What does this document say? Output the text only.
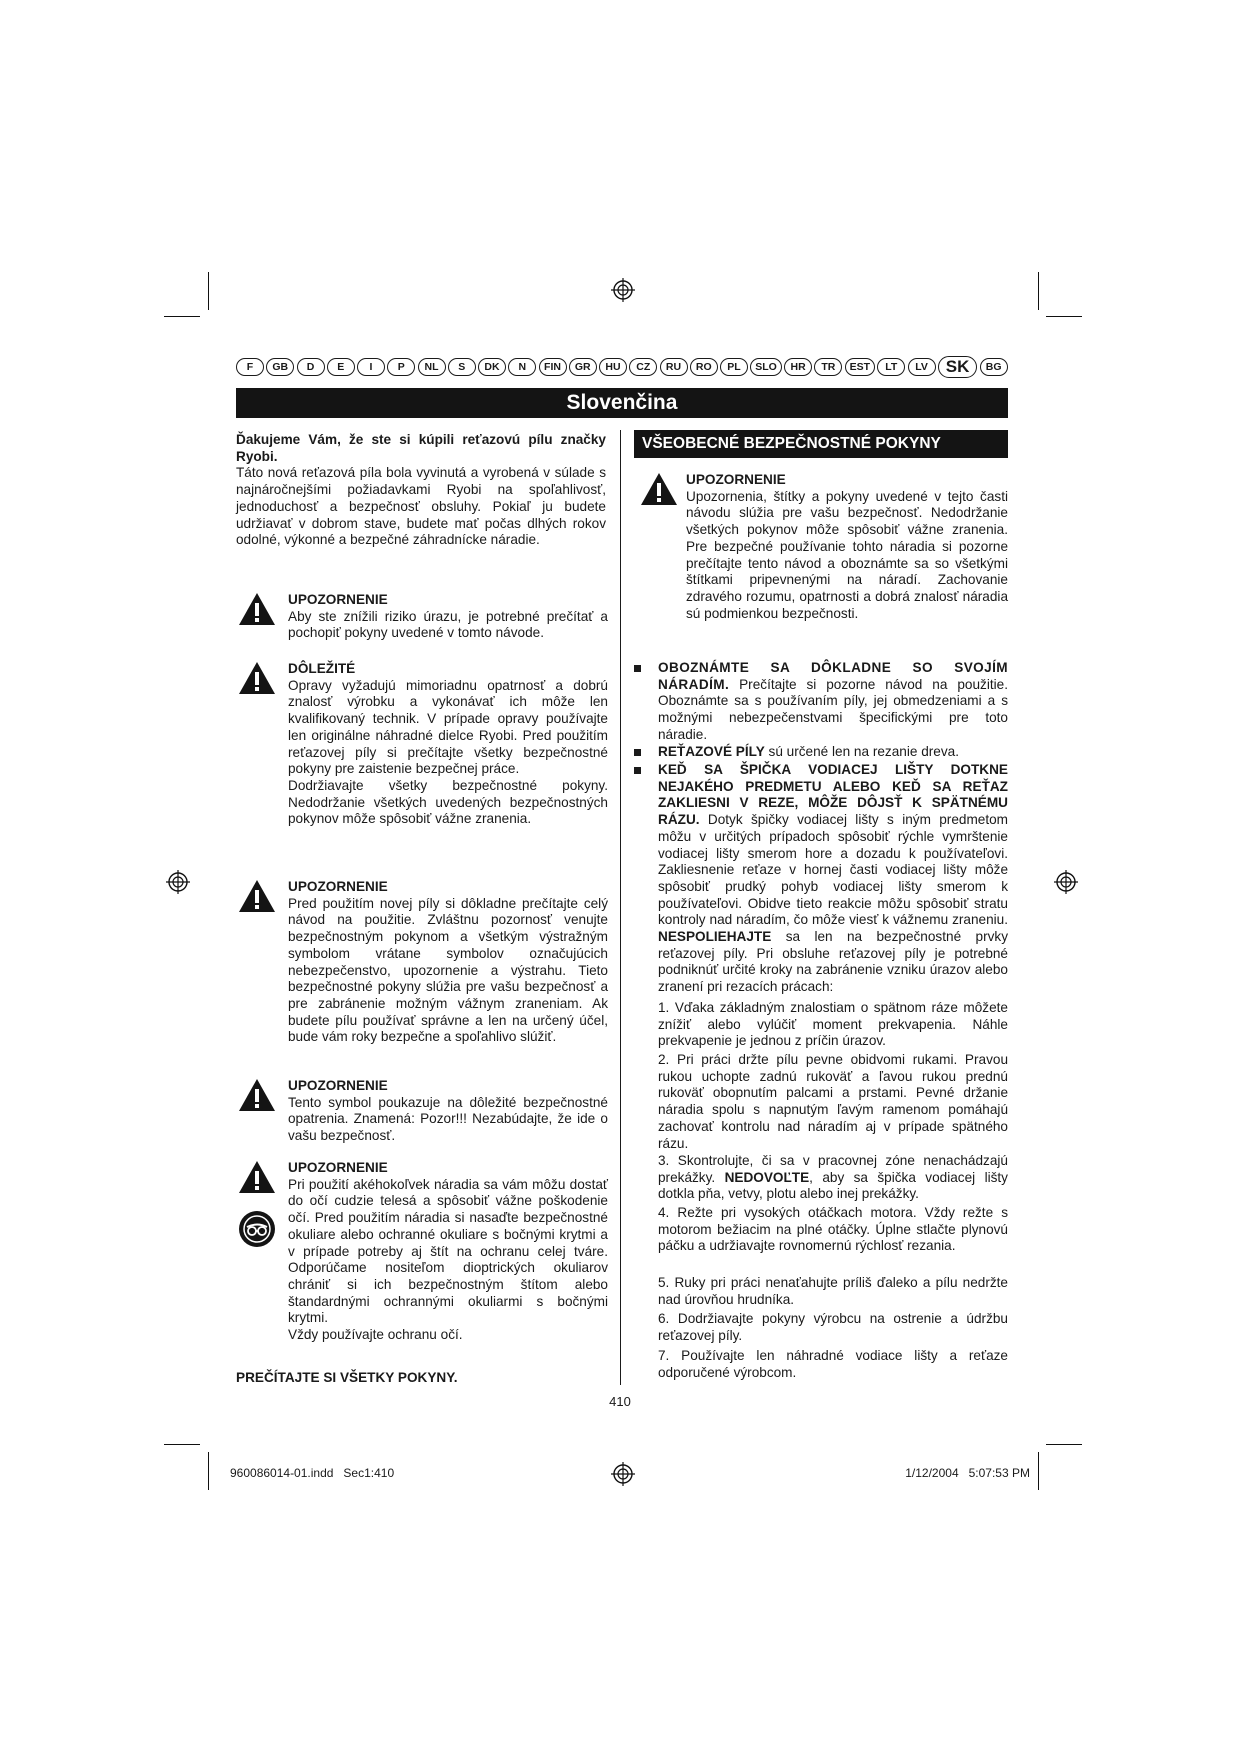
F	GB	D	E	I	P	NL	S	DK	N	FIN	GR	HU	CZ	RU	RO	PL	SLO	HR	TR	EST	LT	LV	SK	BG
Slovenčina

Ďakujeme Vám, že ste si kúpili reťazovú pílu značky Ryobi.

Táto nová reťazová píla bola vyvinutá a vyrobená v súlade s najnáročnejšími požiadavkami Ryobi na spoľahlivosť, jednoduchosť a bezpečnosť obsluhy. Pokiaľ ju budete udržiavať v dobrom stave, budete mať počas dlhých rokov odolné, výkonné a bezpečné záhradnícke náradie.

UPOZORNENIE

Aby ste znížili riziko úrazu, je potrebné prečítať a pochopiť pokyny uvedené v tomto návode.

DÔLEŽITÉ

Opravy vyžadujú mimoriadnu opatrnosť a dobrú znalosť výrobku a vykonávať ich môže len kvalifikovaný technik. V prípade opravy používajte len originálne náhradné dielce Ryobi. Pred použitím reťazovej píly si prečítajte všetky bezpečnostné pokyny pre zaistenie bezpečnej práce.

Dodržiavajte všetky bezpečnostné pokyny. Nedodržanie všetkých uvedených bezpečnostných pokynov môže spôsobiť vážne zranenia.

UPOZORNENIE

Pred použitím novej píly si dôkladne prečítajte celý návod na použitie. Zvláštnu pozornosť venujte bezpečnostným pokynom a všetkým výstražným symbolom vrátane symbolov označujúcich nebezpečenstvo, upozornenie a výstrahu. Tieto bezpečnostné pokyny slúžia pre vašu bezpečnosť a pre zabránenie možným vážnym zraneniam. Ak budete pílu používať správne a len na určený účel, bude vám roky bezpečne a spoľahlivo slúžiť.

UPOZORNENIE

Tento symbol poukazuje na dôležité bezpečnostné opatrenia. Znamená: Pozor!!! Nezabúdajte, že ide o vašu bezpečnosť.

UPOZORNENIE

Pri použití akéhokoľvek náradia sa vám môžu dostať do očí cudzie telesá a spôsobiť vážne poškodenie očí. Pred použitím náradia si nasaďte bezpečnostné okuliare alebo ochranné okuliare s bočnými krytmi a v prípade potreby aj štít na ochranu celej tváre. Odporúčame nositeľom dioptrických okuliarov chrániť si ich bezpečnostným štítom alebo štandardnými ochrannými okuliarmi s bočnými krytmi.

Vždy používajte ochranu očí.

PREČÍTAJTE SI VŠETKY POKYNY.
VŠEOBECNÉ BEZPEČNOSTNÉ POKYNY
UPOZORNENIE

Upozornenia, štítky a pokyny uvedené v tejto časti návodu slúžia pre vašu bezpečnosť. Nedodržanie všetkých pokynov môže spôsobiť vážne zranenia. Pre bezpečné používanie tohto náradia si pozorne prečítajte tento návod a oboznámte sa so všetkými štítkami pripevnenými na náradí. Zachovanie zdravého rozumu, opatrnosti a dobrá znalosť náradia sú podmienkou bezpečnosti.

OBOZNÁMTE SA DÔKLADNE SO SVOJÍM NÁRADÍM. Prečítajte si pozorne návod na použitie. Oboznámte sa s používaním píly, jej obmedzeniami a s možnými nebezpečenstvami špecifickými pre toto náradie.
REŤAZOVÉ PÍLY sú určené len na rezanie dreva.
KEĎ SA ŠPIČKA VODIACEJ LIŠTY DOTKNE NEJAKÉHO PREDMETU ALEBO KEĎ SA REŤAZ ZAKLIESNI V REZE, MÔŽE DÔJSŤ K SPÄTNÉMU RÁZU. Dotyk špičky vodiacej lišty s iným predmetom môžu v určitých prípadoch spôsobiť rýchle vymrštenie vodiacej lišty smerom hore a dozadu k používateľovi. Zakliesnenie reťaze v hornej časti vodiacej lišty môže spôsobiť prudký pohyb vodiacej lišty smerom k používateľovi. Obidve tieto reakcie môžu spôsobiť stratu kontroly nad náradím, čo môže viesť k vážnemu zraneniu. NESPOLIEHAJTE sa len na bezpečnostné prvky reťazovej píly. Pri obsluhe reťazovej píly je potrebné podniknúť určité kroky na zabránenie vzniku úrazov alebo zranení pri rezacích prácach:
1. Vďaka základným znalostiam o spätnom ráze môžete znížiť alebo vylúčiť moment prekvapenia. Náhle prekvapenie je jednou z príčin úrazov.
2. Pri práci držte pílu pevne obidvomi rukami. Pravou rukou uchopte zadnú rukoväť a ľavou rukou prednú rukoväť obopnutím palcami a prstami. Pevné držanie náradia spolu s napnutým ľavým ramenom pomáhajú zachovať kontrolu nad náradím aj v prípade spätného rázu.
3. Skontrolujte, či sa v pracovnej zóne nenachádzajú prekážky. NEDOVOĽTE, aby sa špička vodiacej lišty dotkla pňa, vetvy, plotu alebo inej prekážky.
4. Režte pri vysokých otáčkach motora. Vždy režte s motorom bežiacim na plné otáčky. Úplne stlačte plynovú páčku a udržiavajte rovnomernú rýchlosť rezania.
5. Ruky pri práci nenaťahujte príliš ďaleko a pílu nedržte nad úrovňou hrudníka.
6. Dodržiavajte pokyny výrobcu na ostrenie a údržbu reťazovej píly.
7. Používajte len náhradné vodiace lišty a reťaze odporučené výrobcom.
410
960086014-01.indd   Sec1:410	1/12/2004   5:07:53 PM
